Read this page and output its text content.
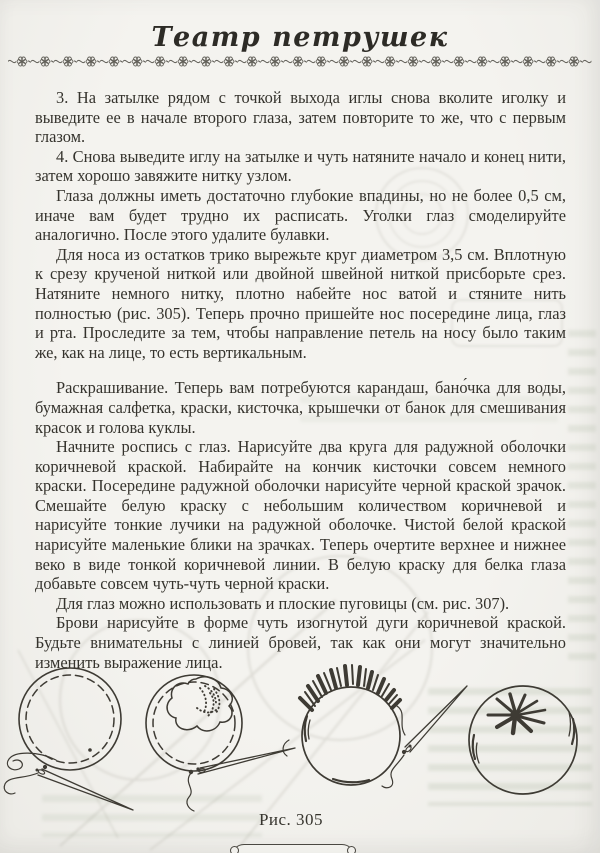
Театр петрушек

3. На затылке рядом с точкой выхода иглы снова вколите иголку и выведите ее в начале второго глаза, затем повторите то же, что с первым глазом.

4. Снова выведите иглу на затылке и чуть натяните начало и конец нити, затем хорошо завяжите нитку узлом.

Глаза должны иметь достаточно глубокие впадины, но не более 0,5 см, иначе вам будет трудно их расписать. Уголки глаз смоделируйте аналогично. После этого удалите булавки.

Для носа из остатков трико вырежьте круг диаметром 3,5 см. Вплотную к срезу крученой ниткой или двойной швейной ниткой присборьте срез. Натяните немного нитку, плотно набейте нос ватой и стяните нить полностью (рис. 305). Теперь прочно пришейте нос посередине лица, глаз и рта. Проследите за тем, чтобы направление петель на носу было таким же, как на лице, то есть вертикальным.

Раскрашивание. Теперь вам потребуются карандаш, бано́чка для воды, бумажная салфетка, краски, кисточка, крышечки от банок для смешивания красок и голова куклы.

Начните роспись с глаз. Нарисуйте два круга для радужной оболочки коричневой краской. Набирайте на кончик кисточки совсем немного краски. Посередине радужной оболочки нарисуйте черной краской зрачок. Смешайте белую краску с небольшим количеством коричневой и нарисуйте тонкие лучики на радужной оболочке. Чистой белой краской нарисуйте маленькие блики на зрачках. Теперь очертите верхнее и нижнее веко в виде тонкой коричневой линии. В белую краску для белка глаза добавьте совсем чуть-чуть черной краски.

Для глаз можно использовать и плоские пуговицы (см. рис. 307).

Брови нарисуйте в форме чуть изогнутой дуги коричневой краской. Будьте внимательны с линией бровей, так как они могут значительно изменить выражение лица.

Рис. 305
